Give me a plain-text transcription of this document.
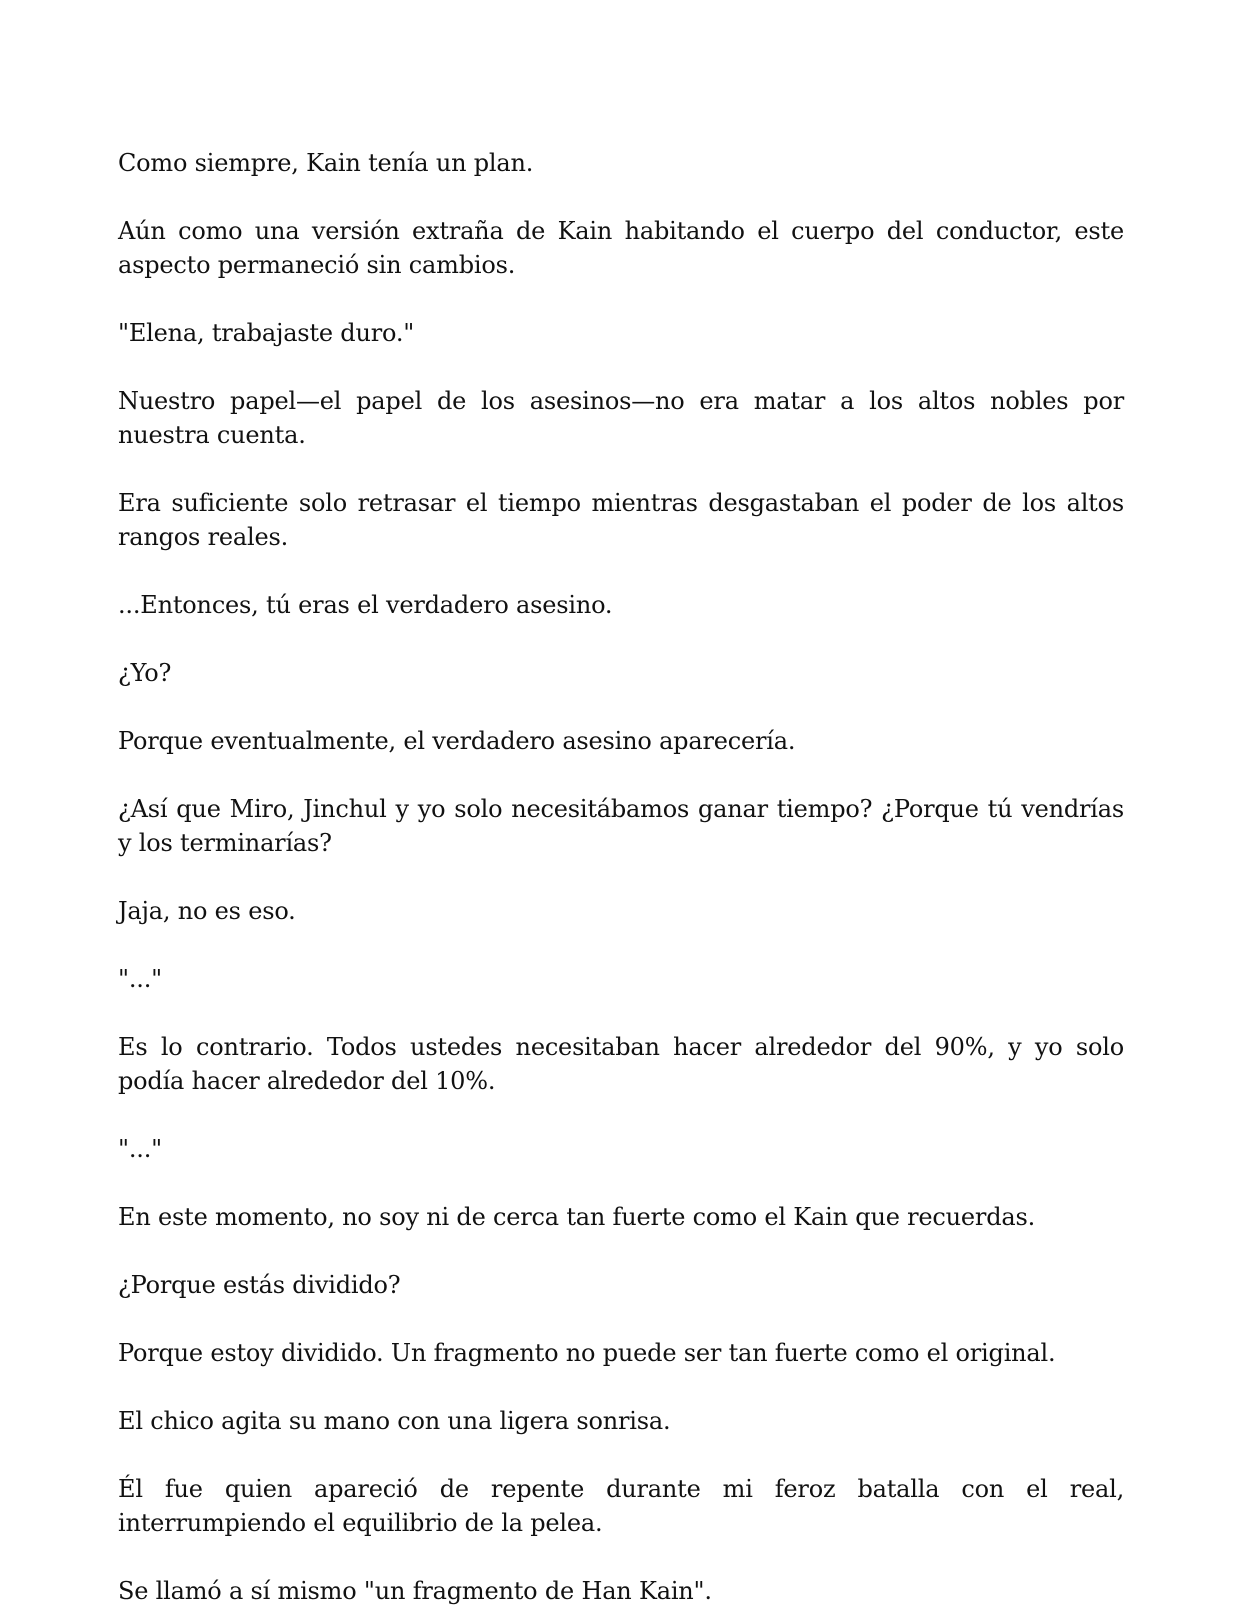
Como siempre, Kain tenía un plan.

Aún como una versión extraña de Kain habitando el cuerpo del conductor, este aspecto permaneció sin cambios.

"Elena, trabajaste duro."

Nuestro papel—el papel de los asesinos—no era matar a los altos nobles por nuestra cuenta.

Era suficiente solo retrasar el tiempo mientras desgastaban el poder de los altos rangos reales.

...Entonces, tú eras el verdadero asesino.

¿Yo?

Porque eventualmente, el verdadero asesino aparecería.

¿Así que Miro, Jinchul y yo solo necesitábamos ganar tiempo? ¿Porque tú vendrías y los terminarías?

Jaja, no es eso.

"..."

Es lo contrario. Todos ustedes necesitaban hacer alrededor del 90%, y yo solo podía hacer alrededor del 10%.

"..."

En este momento, no soy ni de cerca tan fuerte como el Kain que recuerdas.

¿Porque estás dividido?

Porque estoy dividido. Un fragmento no puede ser tan fuerte como el original.

El chico agita su mano con una ligera sonrisa.

Él fue quien apareció de repente durante mi feroz batalla con el real, interrumpiendo el equilibrio de la pelea.

Se llamó a sí mismo "un fragmento de Han Kain".
